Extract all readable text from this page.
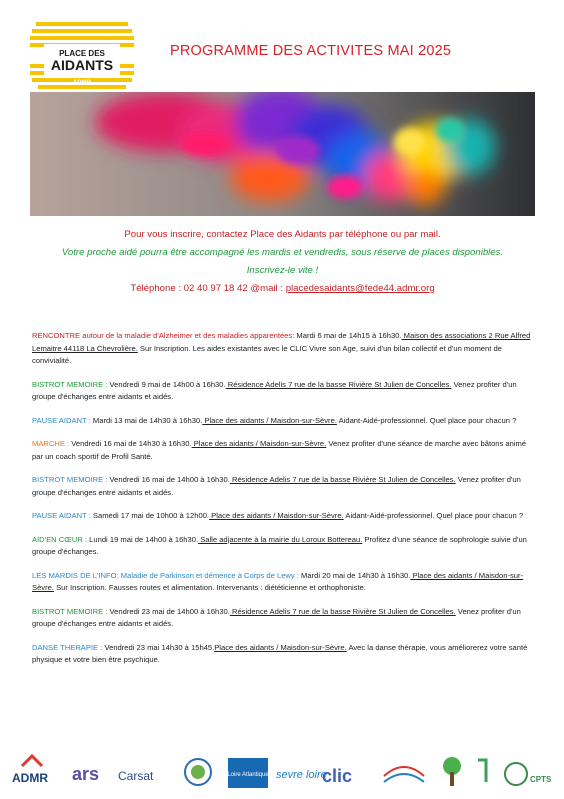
Accompagnement et répit des aidants
PLACE DES
AIDANTS
ADMR
PROGRAMME DES ACTIVITES MAI 2025
Pour vous inscrire, contactez Place des Aidants par téléphone ou par mail.
Votre proche aidé pourra être accompagné les mardis et vendredis, sous réserve de places disponibles.
Inscrivez-le vite !
Téléphone : 02 40 97 18 42 @mail : placedesaidants@fede44.admr.org
RENCONTRE autour de la maladie d'Alzheimer et des maladies apparentées: Mardi 6 mai de 14h15 à 16h30. Maison des associations 2 Rue Alfred Lemaitre 44118 La Chevrolière. Sur Inscription. Les aides existantes avec le CLIC Vivre son Age, suivi d'un bilan collectif et d'un moment de convivialité.
BISTROT MEMOIRE : Vendredi 9 mai de 14h00 à 16h30. Résidence Adelis 7 rue de la basse Rivière St Julien de Concelles. Venez profiter d'un groupe d'échanges entre aidants et aidés.
PAUSE AIDANT : Mardi 13 mai de 14h30 à 16h30. Place des aidants / Maisdon-sur-Sèvre. Aidant-Aidé-professionnel. Quel place pour chacun ?
MARCHE : Vendredi 16 mai de 14h30 à 16h30. Place des aidants / Maisdon-sur-Sèvre. Venez profiter d'une séance de marche avec bâtons animé par un coach sportif de Profil Santé.
BISTROT MEMOIRE : Vendredi 16 mai de 14h00 à 16h30. Résidence Adelis 7 rue de la basse Rivière St Julien de Concelles. Venez profiter d'un groupe d'échanges entre aidants et aidés.
PAUSE AIDANT : Samedi 17 mai de 10h00 à 12h00. Place des aidants / Maisdon-sur-Sèvre. Aidant-Aidé-professionnel. Quel place pour chacun ?
AID'EN CŒUR : Lundi 19 mai de 14h00 à 16h30. Salle adjacente à la mairie du Loroux Bottereau. Profitez d'une séance de sophrologie suivie d'un groupe d'échanges.
LES MARDIS DE L'INFO: Maladie de Parkinson et démence à Corps de Lewy : Mardi 20 mai de 14h30 à 16h30. Place des aidants / Maisdon-sur-Sèvre. Sur Inscription. Fausses routes et alimentation. Intervenants : diététicienne et orthophoniste.
BISTROT MEMOIRE : Vendredi 23 mai de 14h00 à 16h30. Résidence Adelis 7 rue de la basse Rivière St Julien de Concelles. Venez profiter d'un groupe d'échanges entre aidants et aidés.
DANSE THERAPIE : Vendredi 23 mai 14h30 à 15h45.Place des aidants / Maisdon-sur-Sèvre. Avec la danse thérapie, vous améliorerez votre santé physique et votre bien être psychique.
ADMR ars Carsat	Loire Atlantique sevre loire
clic	CPTS
